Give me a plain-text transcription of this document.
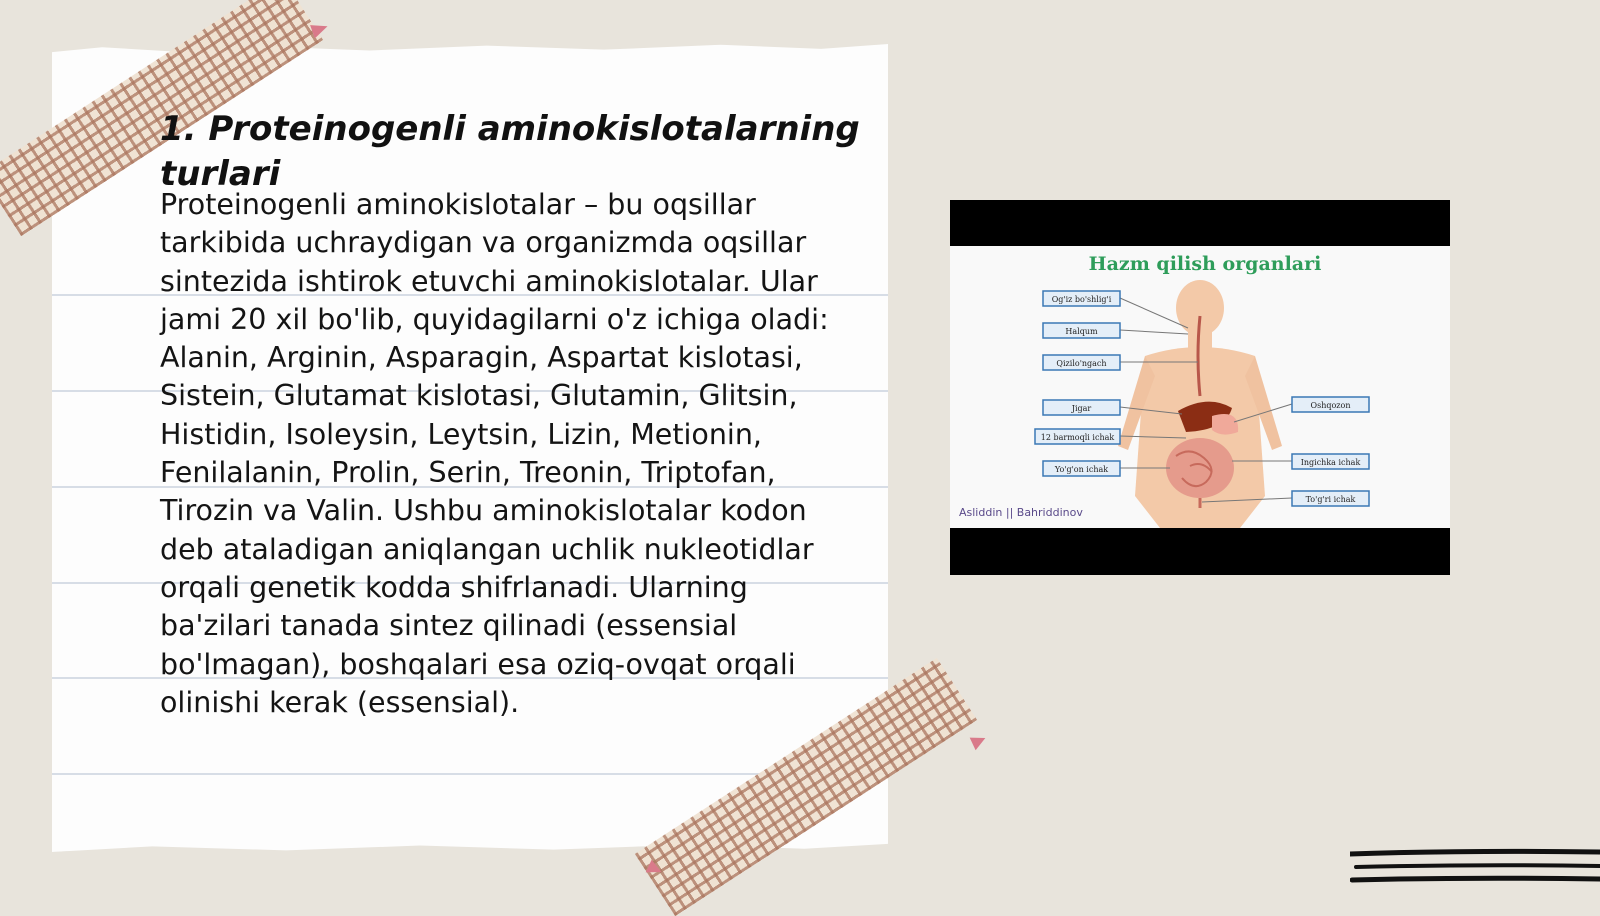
1. Proteinogenli aminokislotalarning turlari

Proteinogenli aminokislotalar – bu oqsillar tarkibida uchraydigan va organizmda oqsillar sintezida ishtirok etuvchi aminokislotalar. Ular jami 20 xil bo'lib, quyidagilarni o'z ichiga oladi: Alanin, Arginin, Asparagin, Aspartat kislotasi, Sistein, Glutamat kislotasi, Glutamin, Glitsin, Histidin, Isoleysin, Leytsin, Lizin, Metionin, Fenilalanin, Prolin, Serin, Treonin, Triptofan, Tirozin va Valin. Ushbu aminokislotalar kodon deb ataladigan aniqlangan uchlik nukleotidlar orqali genetik kodda shifrlanadi. Ularning ba'zilari tanada sintez qilinadi (essensial bo'lmagan), boshqalari esa oziq-ovqat orqali olinishi kerak (essensial).

Hazm qilish organlari
Og'iz bo'shlig'i
Halqum
Qizilo'ngach
Jigar
12 barmoqli ichak
Yo'g'on ichak
Oshqozon
Ingichka ichak
To'g'ri ichak
Asliddin || Bahriddinov
